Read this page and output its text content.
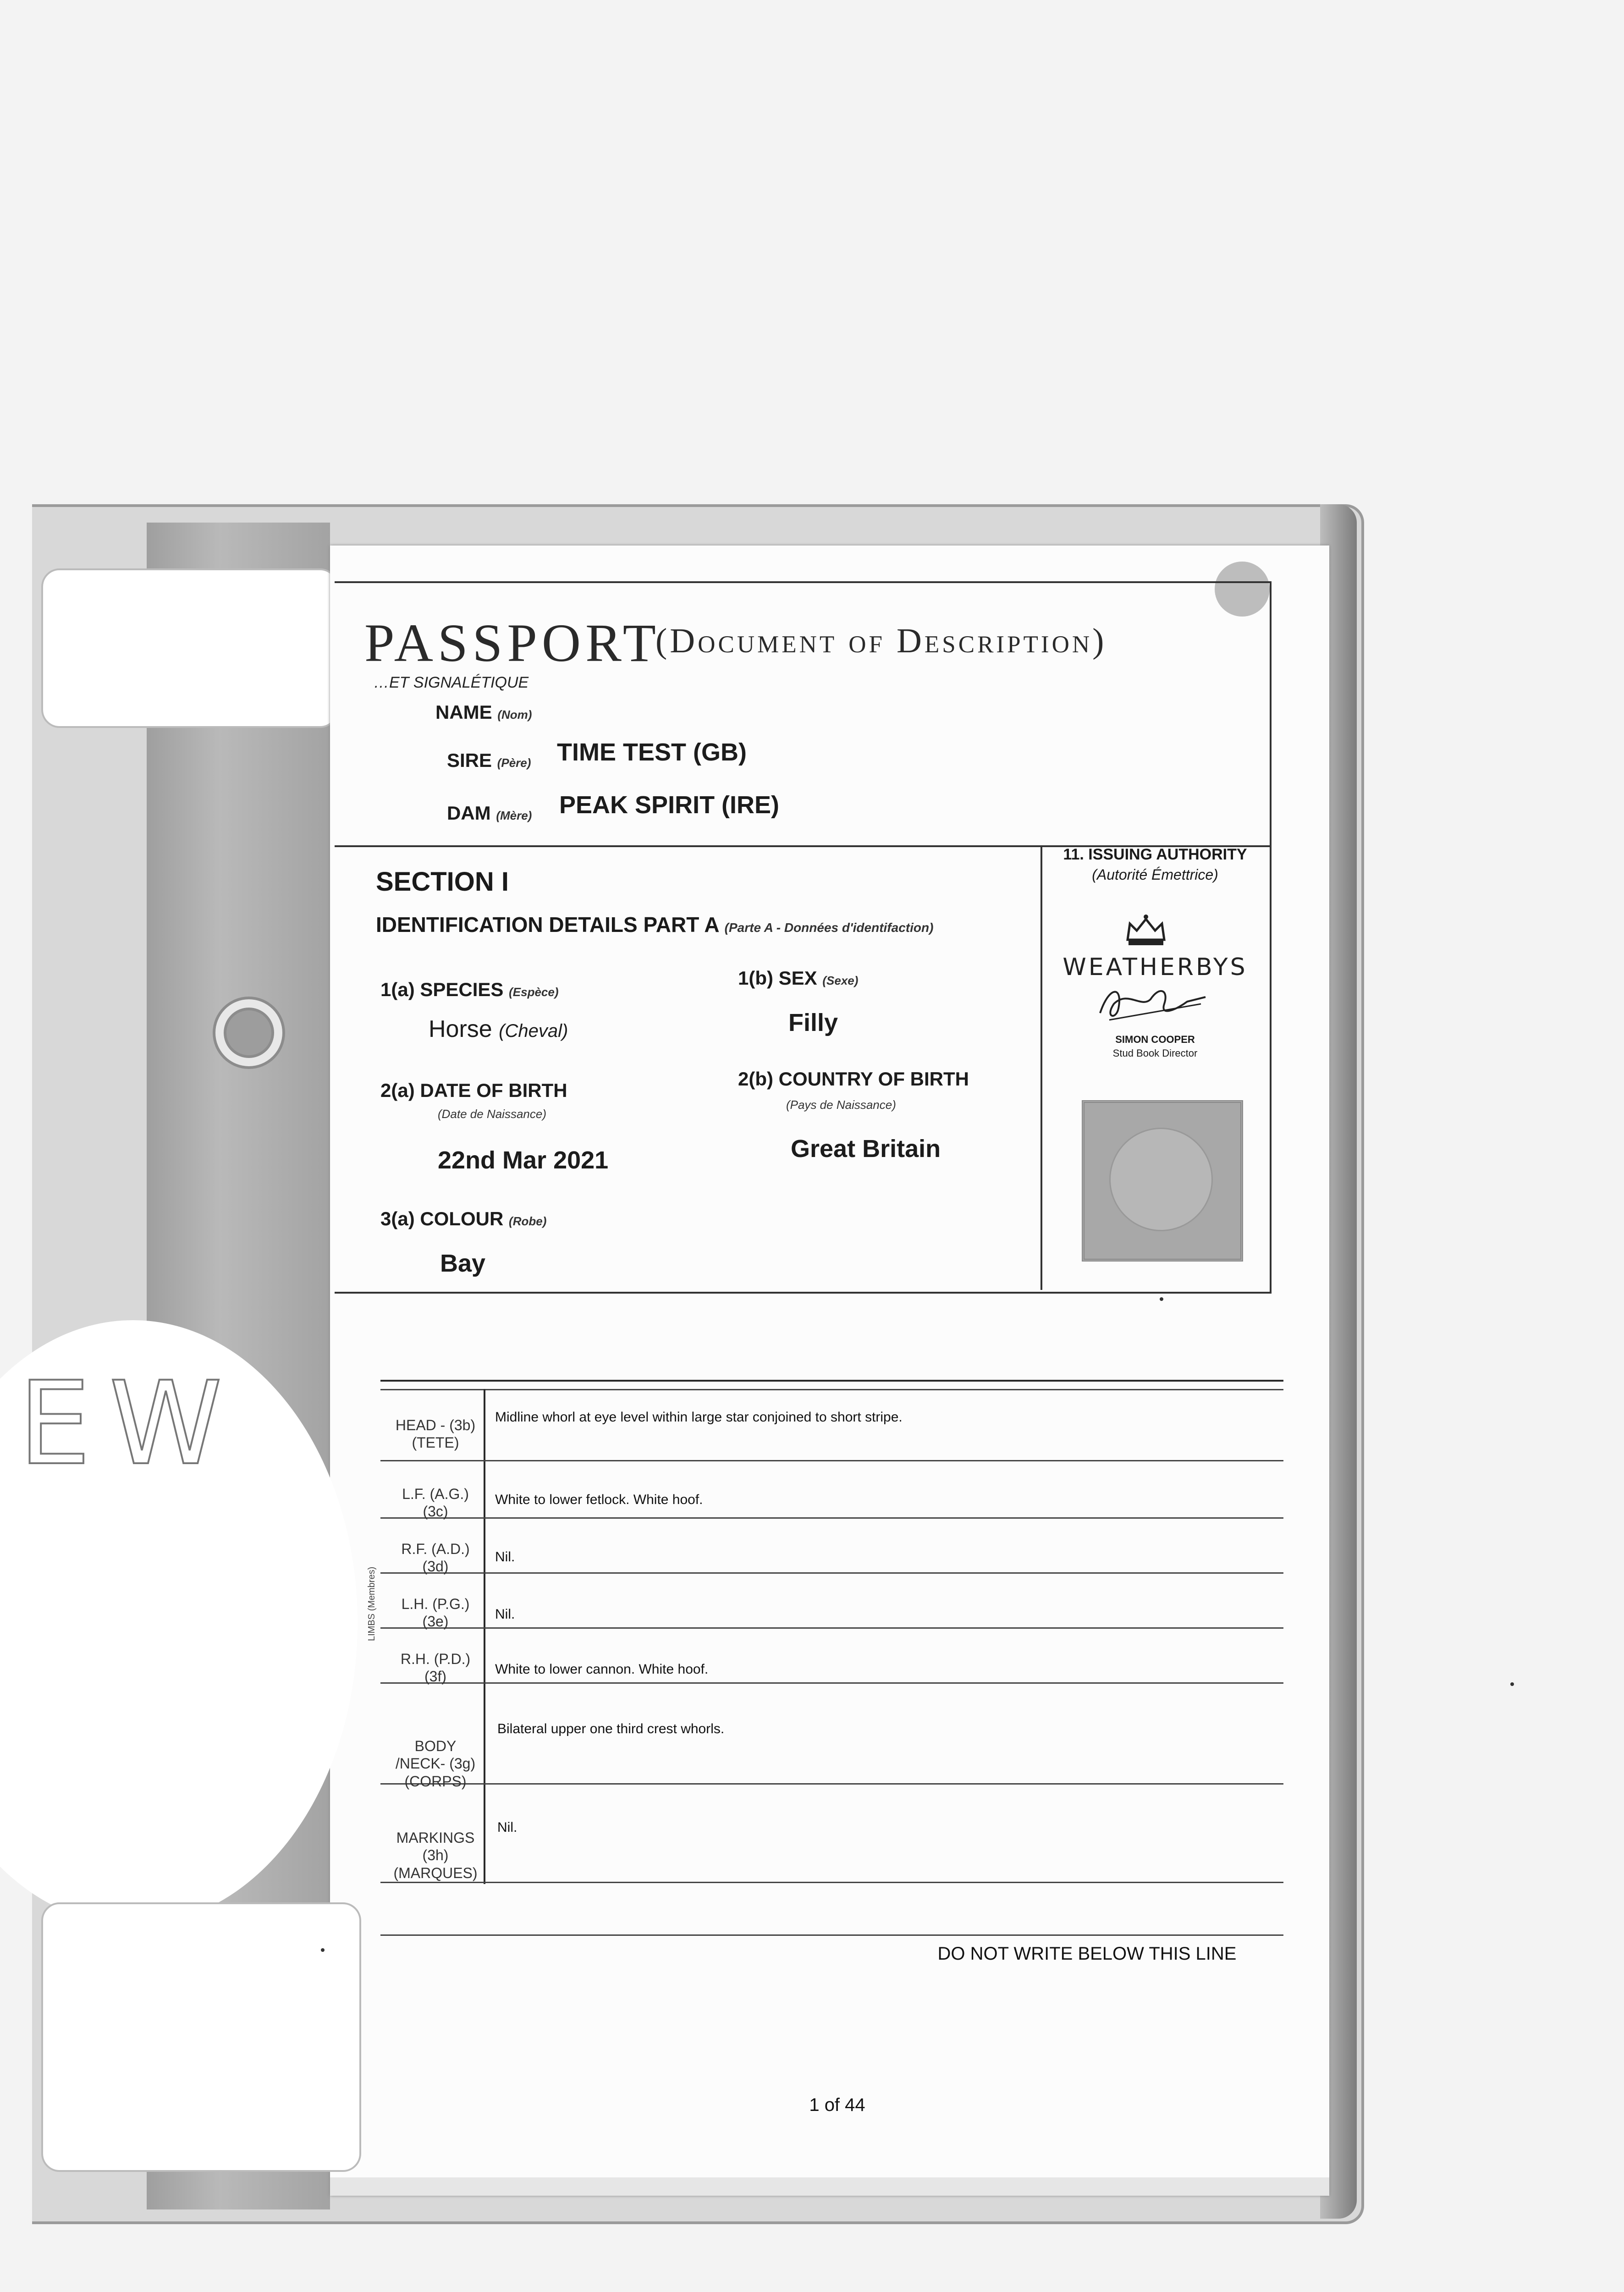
PASSPORT
(Document of Description)
…ET SIGNALÉTIQUE
NAME (Nom)
SIRE (Père) TIME TEST (GB)
DAM (Mère) PEAK SPIRIT (IRE)
SECTION I
IDENTIFICATION DETAILS PART A (Parte A - Données d'identifaction)
1(a) SPECIES (Espèce)
Horse (Cheval)
1(b) SEX (Sexe)
Filly
2(a) DATE OF BIRTH
(Date de Naissance)
22nd Mar 2021
2(b) COUNTRY OF BIRTH
(Pays de Naissance)
Great Britain
3(a) COLOUR (Robe)
Bay
11. ISSUING AUTHORITY
(Autorité Émettrice)
WEATHERBYS
SIMON COOPER
Stud Book Director
HEAD - (3b) (TETE)
Midline whorl at eye level within large star conjoined to short stripe.
L.F. (A.G.) (3c)
White to lower fetlock. White hoof.
R.F. (A.D.) (3d)
Nil.
L.H. (P.G.) (3e)	Nil.
R.H. (P.D.) (3f)	White to lower cannon. White hoof.
BODY /NECK- (3g) (CORPS)
Bilateral upper one third crest whorls.
MARKINGS (3h) (MARQUES)
Nil.
LIMBS (Membres)
DO NOT WRITE BELOW THIS LINE
1 of 44
EW
